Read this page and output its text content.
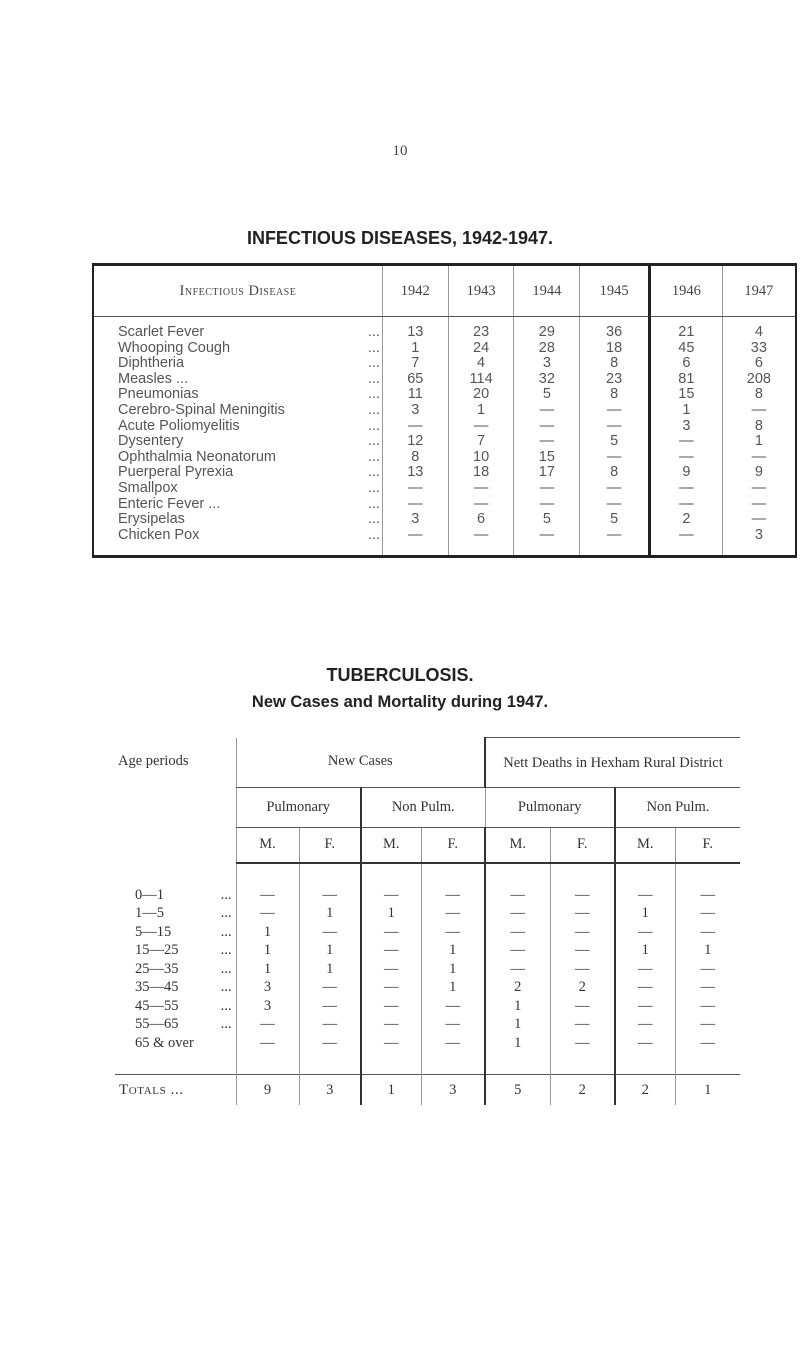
10
INFECTIOUS DISEASES, 1942-1947.
Infectious Disease	1942	1943	1944	1945	1946	1947
Scarlet Fever ...	13	23	29	36	21	4
Whooping Cough ...	1	24	28	18	45	33
Diphtheria ...	7	4	3	8	6	6
Measles ... ...	65	114	32	23	81	208
Pneumonias ...	11	20	5	8	15	8
Cerebro-Spinal Meningitis ...	3	1	—	—	1	—
Acute Poliomyelitis ...	—	—	—	—	3	8
Dysentery ...	12	7	—	5	—	1
Ophthalmia Neonatorum ...	8	10	15	—	—	—
Puerperal Pyrexia ...	13	18	17	8	9	9
Smallpox ...	—	—	—	—	—	—
Enteric Fever ... ...	—	—	—	—	—	—
Erysipelas ...	3	6	5	5	2	—
Chicken Pox ...	—	—	—	—	—	3
TUBERCULOSIS.
New Cases and Mortality during 1947.
Age periods	New Cases				Nett Deaths in Hexham Rural District			
	Pulmonary		Non Pulm.		Pulmonary		Non Pulm.	
	M.	F.	M.	F.	M.	F.	M.	F.

0—1 ...	—	—	—	—	—	—	—	—
1—5 ...	—	1	1	—	—	—	1	—
5—15 ...	1	—	—	—	—	—	—	—
15—25 ...	1	1	—	1	—	—	1	1
25—35 ...	1	1	—	1	—	—	—	—
35—45 ...	3	—	—	1	2	2	—	—
45—55 ...	3	—	—	—	1	—	—	—
55—65 ...	—	—	—	—	1	—	—	—
65 & over	—	—	—	—	1	—	—	—

Totals ...	9	3	1	3	5	2	2	1
